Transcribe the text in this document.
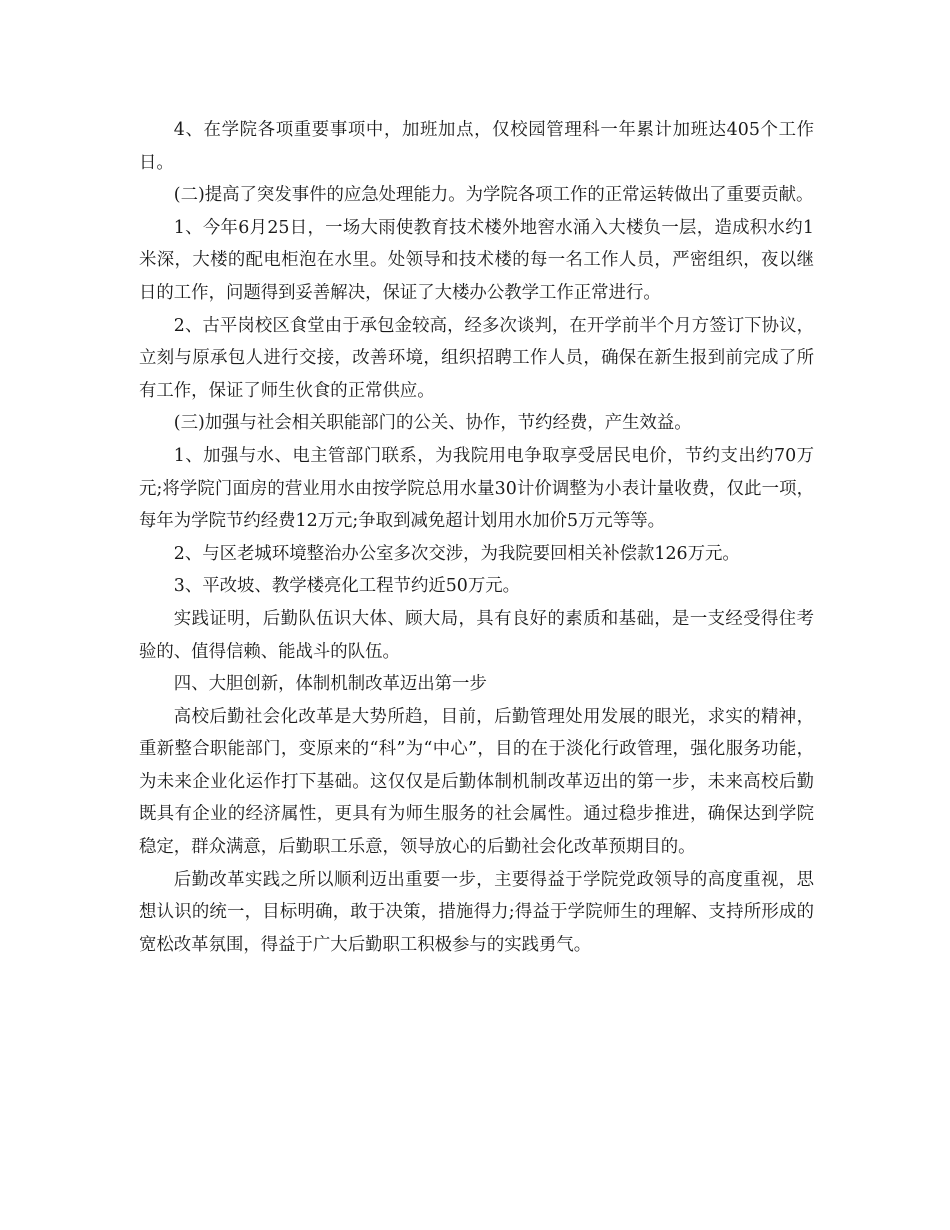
4、在学院各项重要事项中，加班加点，仅校园管理科一年累计加班达405个工作日。

(二)提高了突发事件的应急处理能力。为学院各项工作的正常运转做出了重要贡献。

1、今年6月25日，一场大雨使教育技术楼外地窖水涌入大楼负一层，造成积水约1米深，大楼的配电柜泡在水里。处领导和技术楼的每一名工作人员，严密组织，夜以继日的工作，问题得到妥善解决，保证了大楼办公教学工作正常进行。

2、古平岗校区食堂由于承包金较高，经多次谈判，在开学前半个月方签订下协议，立刻与原承包人进行交接，改善环境，组织招聘工作人员，确保在新生报到前完成了所有工作，保证了师生伙食的正常供应。

(三)加强与社会相关职能部门的公关、协作，节约经费，产生效益。

1、加强与水、电主管部门联系，为我院用电争取享受居民电价，节约支出约70万元;将学院门面房的营业用水由按学院总用水量30计价调整为小表计量收费，仅此一项，每年为学院节约经费12万元;争取到减免超计划用水加价5万元等等。

2、与区老城环境整治办公室多次交涉，为我院要回相关补偿款126万元。

3、平改坡、教学楼亮化工程节约近50万元。

实践证明，后勤队伍识大体、顾大局，具有良好的素质和基础，是一支经受得住考验的、值得信赖、能战斗的队伍。

四、大胆创新，体制机制改革迈出第一步

高校后勤社会化改革是大势所趋，目前，后勤管理处用发展的眼光，求实的精神，重新整合职能部门，变原来的“科”为“中心”，目的在于淡化行政管理，强化服务功能，为未来企业化运作打下基础。这仅仅是后勤体制机制改革迈出的第一步，未来高校后勤既具有企业的经济属性，更具有为师生服务的社会属性。通过稳步推进，确保达到学院稳定，群众满意，后勤职工乐意，领导放心的后勤社会化改革预期目的。

后勤改革实践之所以顺利迈出重要一步，主要得益于学院党政领导的高度重视，思想认识的统一，目标明确，敢于决策，措施得力;得益于学院师生的理解、支持所形成的宽松改革氛围，得益于广大后勤职工积极参与的实践勇气。
